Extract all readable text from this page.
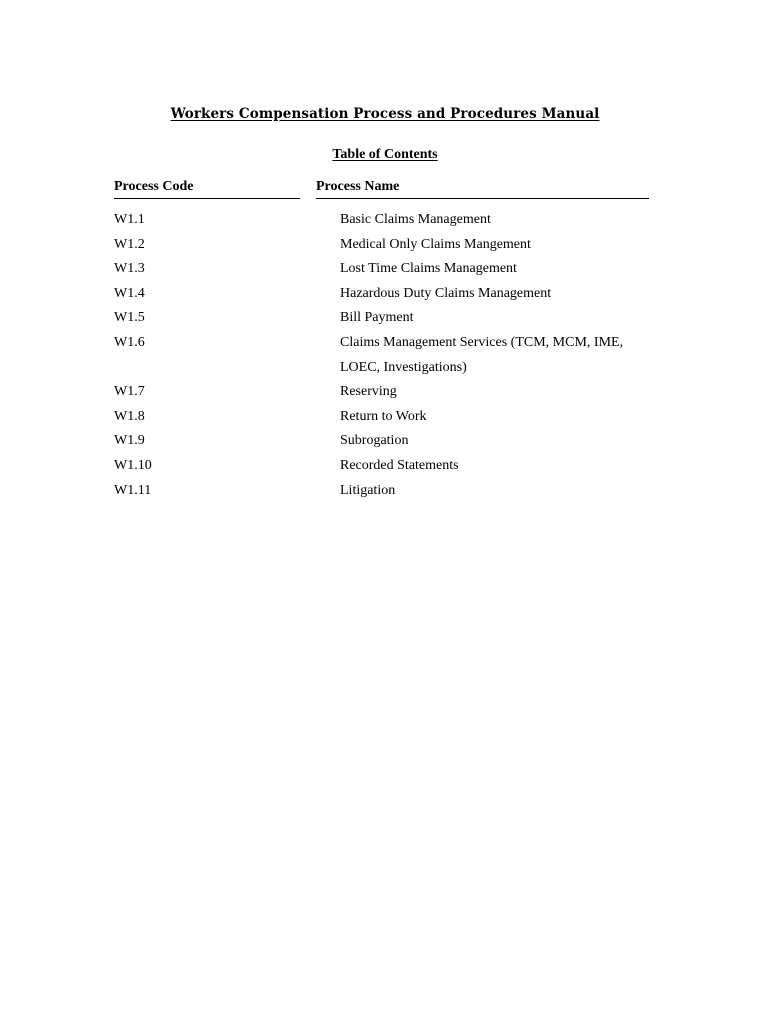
Workers Compensation Process and Procedures Manual
Table of Contents
Process Code	Process Name
W1.1	Basic Claims Management
W1.2	Medical Only Claims Mangement
W1.3	Lost Time Claims Management
W1.4	Hazardous Duty Claims Management
W1.5	Bill Payment
W1.6	Claims Management Services (TCM, MCM, IME,
LOEC, Investigations)
W1.7	Reserving
W1.8	Return to Work
W1.9	Subrogation
W1.10	Recorded Statements
W1.11	Litigation
